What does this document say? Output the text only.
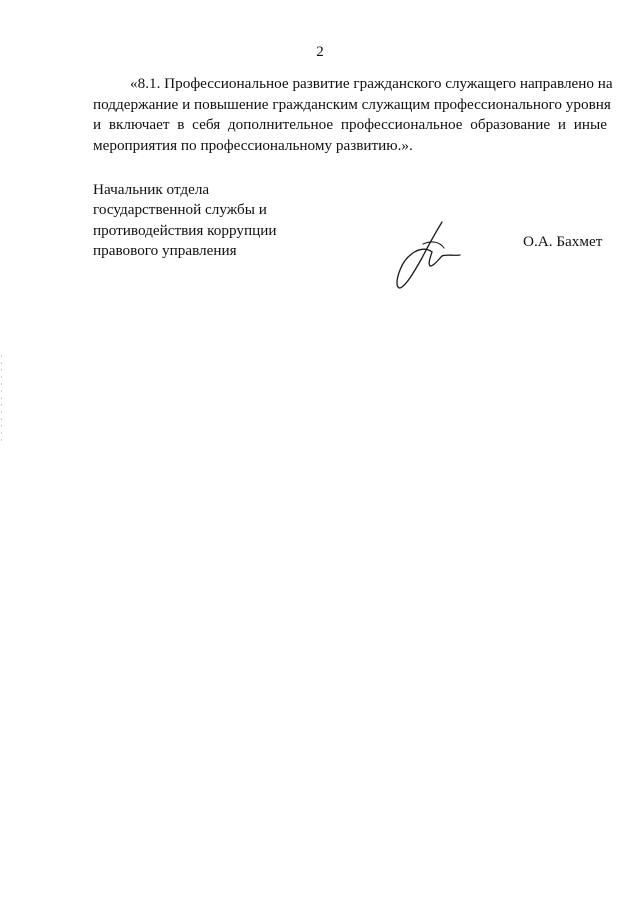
2
«8.1. Профессиональное развитие гражданского служащего направлено на
поддержание и повышение гражданским служащим профессионального уровня
и включает в себя дополнительное профессиональное образование и иные
мероприятия по профессиональному развитию.».
Начальник отдела
государственной службы и
противодействия коррупции
правового управления
О.А. Бахмет
